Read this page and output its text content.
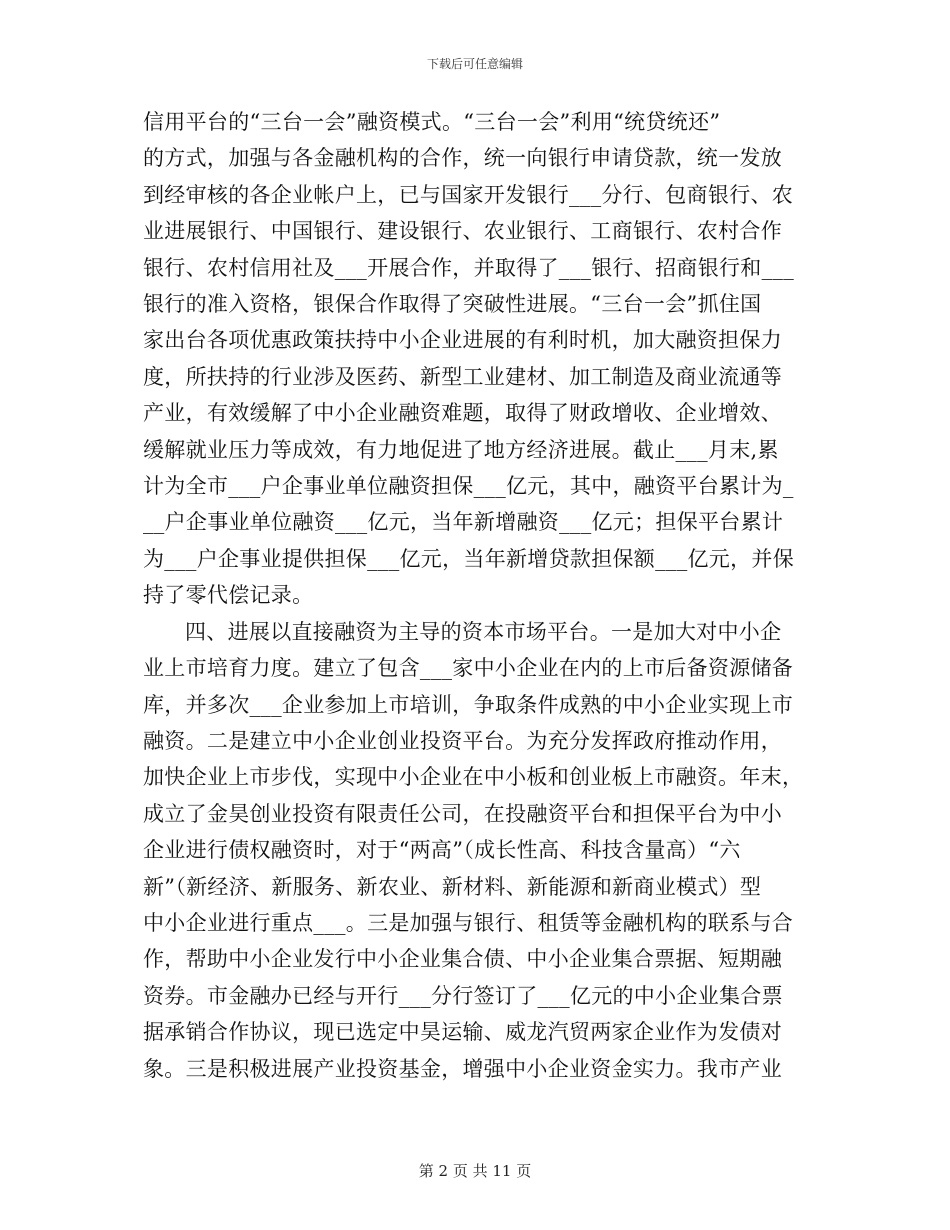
下载后可任意编辑
信用平台的“三台一会”融资模式。“三台一会”利用“统贷统还”
的方式，加强与各金融机构的合作，统一向银行申请贷款，统一发放
到经审核的各企业帐户上，已与国家开发银行___分行、包商银行、农
业进展银行、中国银行、建设银行、农业银行、工商银行、农村合作
银行、农村信用社及___开展合作，并取得了___银行、招商银行和___
银行的准入资格，银保合作取得了突破性进展。“三台一会”抓住国
家出台各项优惠政策扶持中小企业进展的有利时机，加大融资担保力
度，所扶持的行业涉及医药、新型工业建材、加工制造及商业流通等
产业，有效缓解了中小企业融资难题，取得了财政增收、企业增效、
缓解就业压力等成效，有力地促进了地方经济进展。截止___月末,累
计为全市___户企事业单位融资担保___亿元，其中，融资平台累计为_
__户企事业单位融资___亿元，当年新增融资___亿元；担保平台累计
为___户企事业提供担保___亿元，当年新增贷款担保额___亿元，并保
持了零代偿记录。
四、进展以直接融资为主导的资本市场平台。一是加大对中小企
业上市培育力度。建立了包含___家中小企业在内的上市后备资源储备
库，并多次___企业参加上市培训，争取条件成熟的中小企业实现上市
融资。二是建立中小企业创业投资平台。为充分发挥政府推动作用，
加快企业上市步伐，实现中小企业在中小板和创业板上市融资。年末，
成立了金昊创业投资有限责任公司，在投融资平台和担保平台为中小
企业进行债权融资时，对于“两高”（成长性高、科技含量高）“六
新”（新经济、新服务、新农业、新材料、新能源和新商业模式）型
中小企业进行重点___。三是加强与银行、租赁等金融机构的联系与合
作，帮助中小企业发行中小企业集合债、中小企业集合票据、短期融
资券。市金融办已经与开行___分行签订了___亿元的中小企业集合票
据承销合作协议，现已选定中昊运输、威龙汽贸两家企业作为发债对
象。三是积极进展产业投资基金，增强中小企业资金实力。我市产业
第 2 页 共 11 页
